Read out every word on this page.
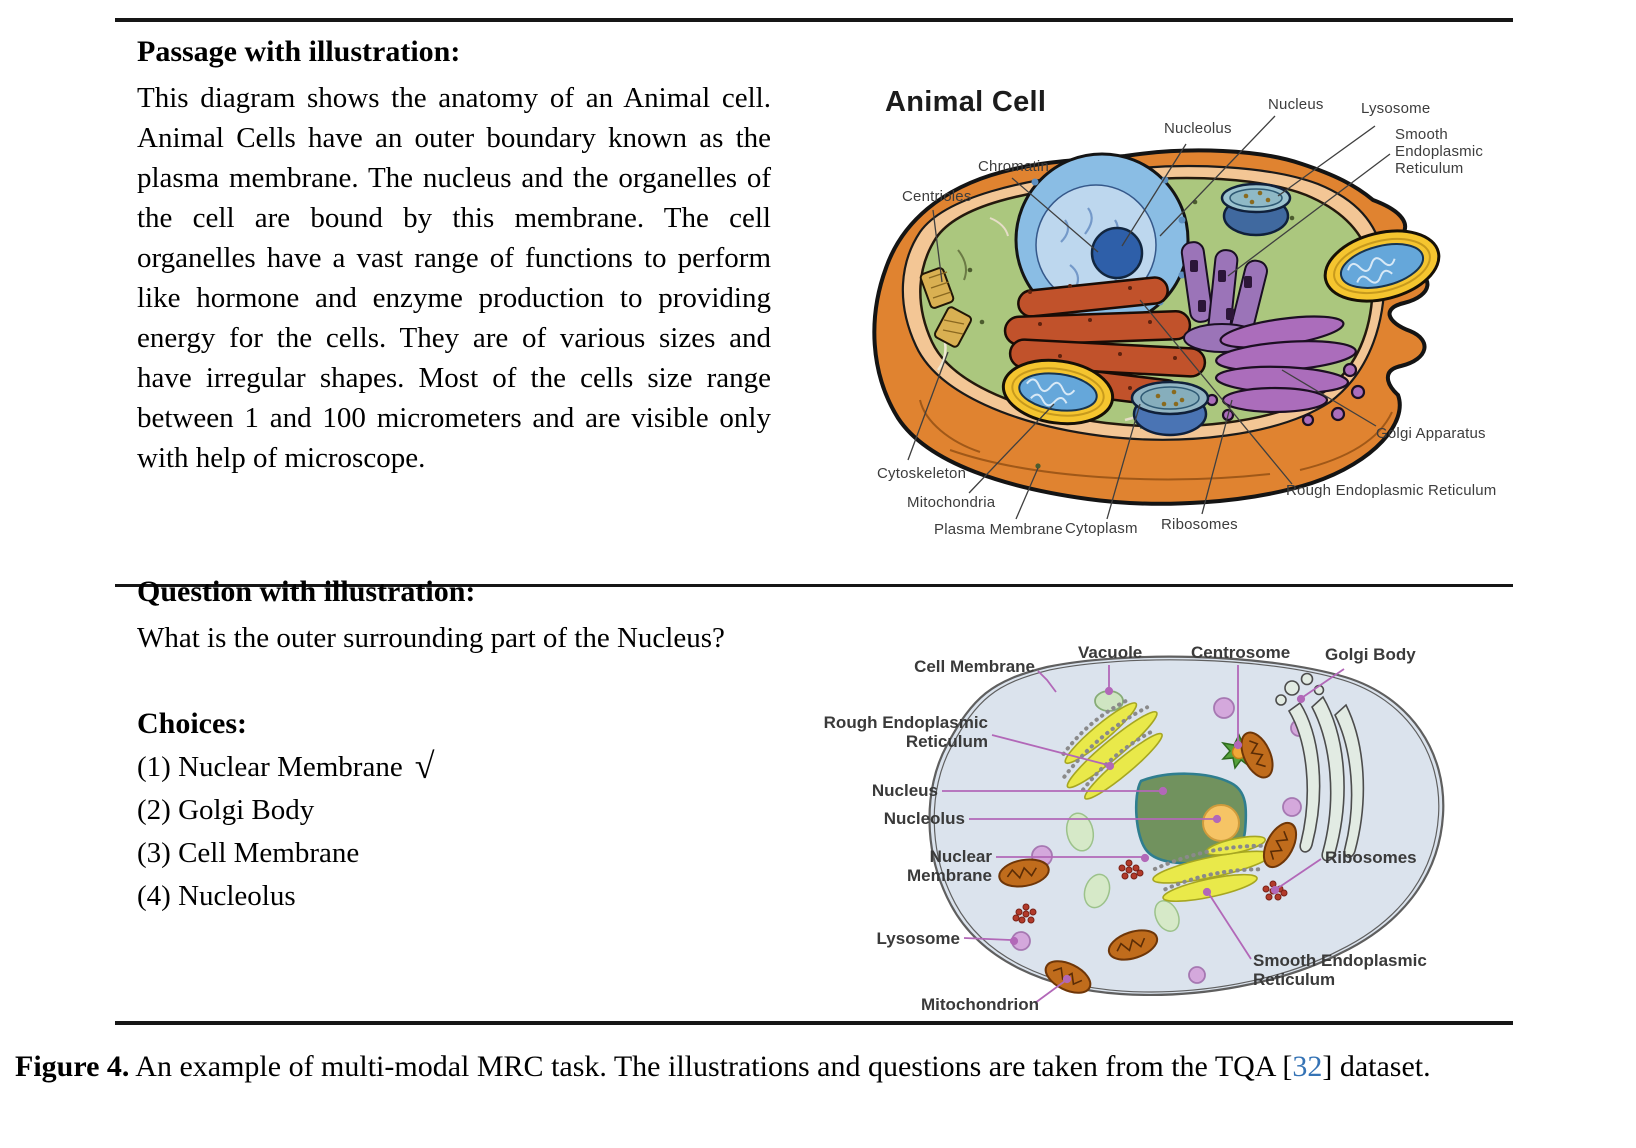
Passage with illustration:

This diagram shows the anatomy of an Animal cell. Animal Cells have an outer boundary known as the plasma membrane. The nucleus and the organelles of the cell are bound by this membrane. The cell organelles have a vast range of functions to perform like hormone and enzyme production to providing energy for the cells. They are of various sizes and have irregular shapes. Most of the cells size range between 1 and 100 micrometers and are visible only with help of microscope.

Animal Cell
Chromatin
Centrioles
Nucleolus
Nucleus Lysosome
Smooth Endoplasmic Reticulum
Golgi Apparatus
Rough Endoplasmic Reticulum
Ribosomes
Cytoplasm
Plasma Membrane
Mitochondria
Cytoskeleton
Question with illustration:

What is the outer surrounding part of the Nucleus?

Choices:
(1) Nuclear Membrane √
(2) Golgi Body
(3) Cell Membrane
(4) Nucleolus
Cell Membrane
Vacuole	Centrosome Golgi Body
Rough Endoplasmic Reticulum
Nucleus
Nucleolus
Nuclear Membrane
Lysosome
Mitochondrion
Ribosomes
Smooth Endoplasmic Reticulum
Figure 4. An example of multi-modal MRC task. The illustrations and questions are taken from the TQA [32] dataset.
